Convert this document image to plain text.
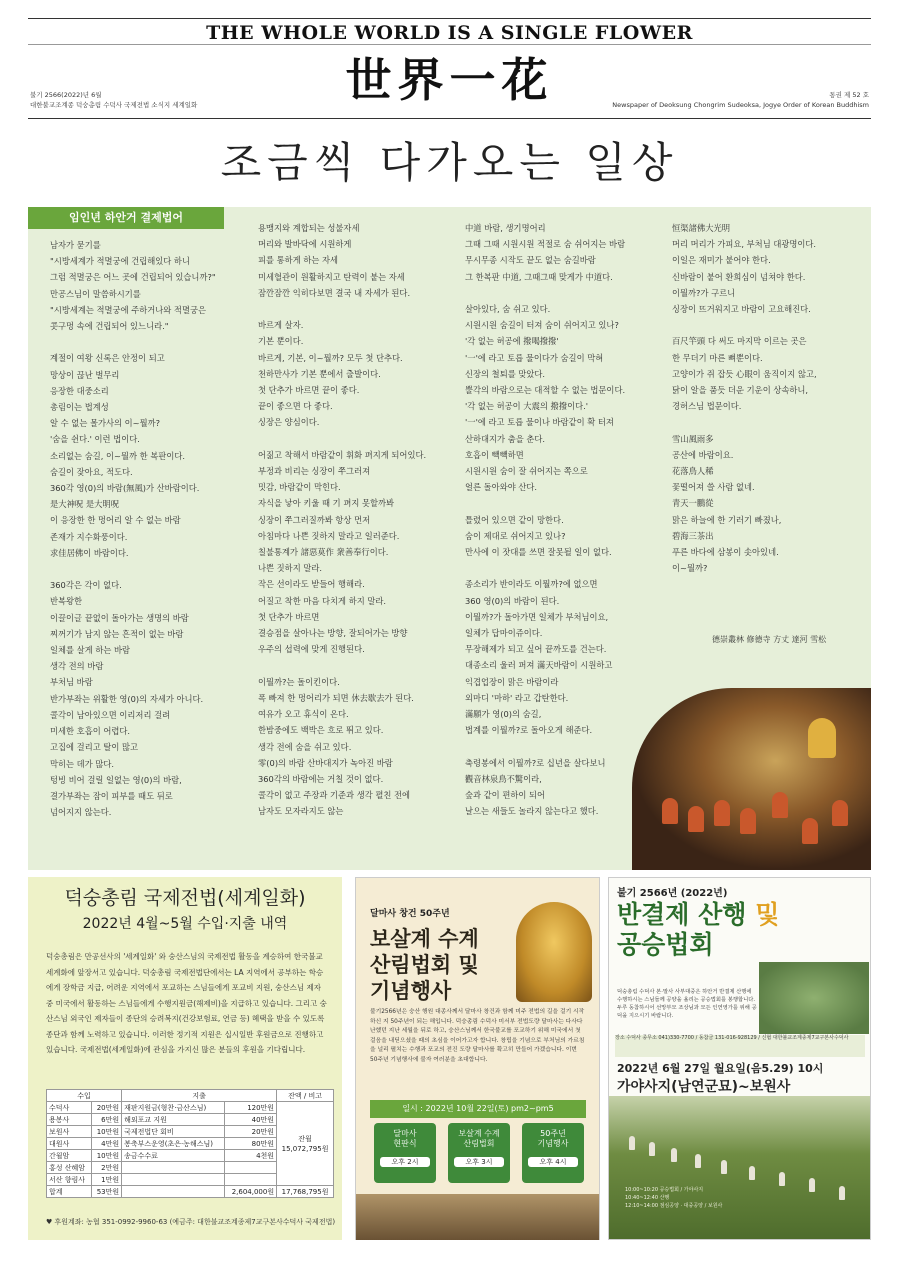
THE WHOLE WORLD IS A SINGLE FLOWER
世界一花
불기 2566(2022)년 6월
대한불교조계종 덕숭총림 수덕사 국제전법 소식지 세계일화
통권 제 52 호
Newspaper of Deoksung Chongrim Sudeoksa, Jogye Order of Korean Buddhism
조금씩 다가오는 일상
임인년 하안거 결제법어
남자가 묻기를
"시방세계가 적멸궁에 건립해있다 하니
그럼 적멸궁은 어느 곳에 건립되어 있습니까?"
만공스님이 말씀하시기를
"시방세계는 적멸궁에 주하거나와 적멸궁은
콧구멍 속에 건립되어 있느니라."

계절이 여왕 신록은 안정이 되고
망상이 끊난 벌무리
응장한 대중소리
총림이는 법계성
알 수 없는 몰가사의 이~뭘까?
'숨을 쉰다.' 이런 법이다.
소리없는 숨길, 이~뭘까 한 복판이다.
숨길이 잦아요, 적도다.
360각 영(0)의 바람(無風)가 산바람이다.
是大神呪 是大明呪
이 응장한 한 멍어리 알 수 없는 바람
존재가 지수화풍이다.
求佳居佛이 바람이다.

360각은 각이 없다.
반복왕한
이끌이글 끝없이 돌아가는 생명의 바람
찌꺼기가 남지 않는 흔적이 없는 바람
일체를 살게 하는 바람
생각 전의 바람
부처님 바람
반가부좌는 위활한 영(0)의 자세가 아니다.
콜각이 남아있으면 이리저리 걸려
미세한 호흡이 어렵다.
고집에 걸리고 탈이 많고
막히는 데가 많다.
텅빙 비어 걸릴 일없는 영(0)의 바람,
결가부좌는 잠이 피부를 때도 뒤로
넘어지지 않는다.
용맹지와 계합되는 성불자세
머리와 발바닥에 시원하게
피를 통하게 하는 자세
미세혈관이 원활하지고 탄력이 붙는 자세
잠깐잠깐 익히다보면 결국 내 자세가 된다.

바르게 살자.
기본 뿐이다.
바르게, 기본, 이~뭘까? 모두 첫 단추다.
천하만사가 기본 뿐에서 출발이다.
첫 단추가 바르면 끝이 좋다.
끝이 좋으면 다 좋다.
싱장은 양심이다.

어짊고 착해서 바람같이 휘화 펴지게 되어있다.
부정과 비리는 싱장이 쭈그러져
밋감, 바람같이 막힌다.
자식을 낳아 키울 때 기 펴지 못할까봐
싱장이 쭈그러질까봐 항상 먼저
아침마다 나쁜 짓하지 말라고 일러준다.
칠불통계가 諸惡莫作 衆善奉行이다.
나쁜 짓하지 말라.
작은 선이라도 받들어 행해라.
어질고 착한 마음 다치게 하지 말라.
첫 단추가 바르면
결승점을 살아나는 방향, 잘되어가는 방향
우주의 섭력에 맞게 진행된다.

이뭘까?는 돌이킨이다.
폭 빠져 한 멍어리가 되면 休去歇去가 된다.
여유가 오고 휴식이 온다.
한밤중에도 백박은 흐로 뛰고 있다.
생각 전에 숨을 쉬고 있다.
零(0)의 바람 산바대지가 녹아진 바람
360각의 바람에는 거칠 것이 없다.
콜각이 없고 주장과 기준과 생각 펼친 전에
남자도 모자라지도 않는
中道 바람, 생기명어리
그때 그때 시원시원 적절로 숨 쉬어지는 바람
무시무종 시작도 끝도 없는 숨길바람
그 한복판 中道, 그때그때 맞게가 中道다.

살아있다, 숨 쉬고 있다.
시원시원 숨길이 터져 숨이 쉬어지고 있나?
'각 없는 허공에 撥喝撥撥'
'一'에 라고 토릅 물이다가 숨길이 막혀
신장의 철퇴를 맞았다.
뿔각의 바람으로는 대적할 수 없는 법문이다.
'각 없는 허공이 大震의 撥撥이다.'
'一'에 라고 토릅 물이나 바람같이 확 터져
산하대지가 춤을 춘다.
호흡이 빽빽하면
시원시원 숨이 잘 쉬어지는 쪽으로
얼른 돌아와야 산다.

틀렸어 있으면 같이 망한다.
숨이 제대로 쉬어지고 있나?
만사에 이 잣대를 쓰면 잘못될 일이 없다.

종소리가 반이라도 이뭘까?에 없으면
360 영(0)의 바람이 된다.
이뭘까?가 돌아가면 일체가 부처님이요,
일체가 답마이쥬이다.
무장해제가 되고 싶어 끝까도를 건는다.
대종소리 울러 퍼져 滿天바람이 시원하고
익겹업장이 맑은 바람이라
외마디 '마하' 라고 갑탄한다.
滿願가 영(0)의 숨길,
법계를 이뭘까?로 돌아오게 해준다.

축령봉에서 이뭘까?로 십년을 살다보니
觀音林泉鳥不驚이라,
숲과 같이 편하이 되어
날으는 새들도 놀라지 않는다고 했다.
恒渠諸佛大光明
머리 머리가 가피요, 부처님 대광명이다.
이일은 재미가 붙어야 한다.
신바람이 붙어 환희심이 넘쳐야 한다.
이뭘까?가 구르니
싱장이 뜨거워지고 바람이 고요해진다.

百尺竿頭 다 써도 마지막 이르는 곳은
한 무더기 마른 뼈뿐이다.
고양이가 쥐 잡듯 心眼이 움직이지 않고,
닭이 알을 품듯 더운 기운이 상속하니,
경허스님 법문이다.

雪山風雨多
공산에 바람이요.
花落鳥人稀
꽃떨어져 쓸 사람 없네.
青天一鵬從
맑은 하늘에 한 기러기 빠졌나,
碧海三茶出
푸른 바다에 삼봉이 솟아있네.
이~뭘까?
德崇叢林 修德寺 方丈 達河 雪松
덕숭총림 국제전법(세계일화)
2022년 4월~5월 수입·지출 내역
덕숭총림은 만공선사의 '세계일화' 와 숭산스님의 국제전법 활동을 계승하여 한국불교 세계화에 앞장서고 있습니다. 덕숭총림 국제전법단에서는 LA 지역에서 공부하는 학승에게 장학금 지급, 어려운 지역에서 포교하는 스님들에게 포교비 지원, 숭산스님 제자 중 미국에서 활동하는 스님들에게 수행지원금(해제비)을 지급하고 있습니다. 그리고 숭산스님 외국인 제자들이 종단의 승려복지(건강보험료, 연금 등) 혜택을 받을 수 있도록 종단과 함께 노력하고 있습니다. 이러한 정기적 지원은 십시일반 후원금으로 진행하고 있습니다. 국제전법(세계일화)에 관심을 가지신 많은 분들의 후원을 기다립니다.
수입		지출		잔액 / 비고
수덕사	20만원	재판지원금(형찬·금산스님)	120만원	잔월
15,072,795원

용봉사	6만원	해외포교 지원	40만원	
보원사	10만원	국제전법단 회비	20만원	
대원사	4만원	봉축부스운영(초은·농해스님)	80만원	
간월암	10만원	송금수수료	4천원	
홍성 산혜암	2만원			
서산 향림사	1만원			
합계	53만원		2,604,000원	17,768,795원
♥ 후원계좌: 농협 351-0992-9960-63 (예금주: 대한불교조계종제7교구본사수덕사 국제전법)
달마사 창건 50주년
보살계 수계
산림법회 및
기념행사
불기2566년은 숭산 행원 대종사께서 달마사 창건과 함께 미주 전법의 길을 걸기 시작하신 지 50주년이 되는 해입니다. 덕숭총림 수덕사 미서부 전법도량 달마사는 다사다난했던 지난 세월을 뒤로 하고, 숭산스님께서 한국불교를 포교하기 위해 미국에서 첫걸음을 내딛으셨을 때의 초심을 이어가고자 합니다. 창립을 기념으로 부처님의 가르침을 널리 펼치는 수행과 포교의 전진 도량 달마사를 확고히 만들어 가겠습니다. 이번 50주년 기념행사에 불자 여러분을 초대합니다.
일시 : 2022년 10월 22일(토) pm2~pm5
달마사
현판식
오후 2시
보살계 수계
산림법회
오후 3시
50주년
기념행사
오후 4시
불기 2566년 (2022년)
반결제 산행 및
공승법회
덕숭총림 수덕사 본·말사 사부대중은 하안거 반결제 산행에 수행하시는 스님들께 공양을 올리는 공승법회를 봉행합니다. 두루 동참하시어 선망부모 조상님과 모든 인연영가를 위해 공덕을 지으시기 바랍니다.
장소 수덕사 종무소 041)330-7700 / 동참금 131-016-928129 / 신협 대한불교조계종제7교구본사수덕사
2022년 6월 27일 월요일(음5.29) 10시
가야사지(남연군묘)~보원사
10:00~10:20 공승법회 / 가야사지
10:40~12:40 산행
12:10~14:00 점심공양 · 대중공양 / 보원사
